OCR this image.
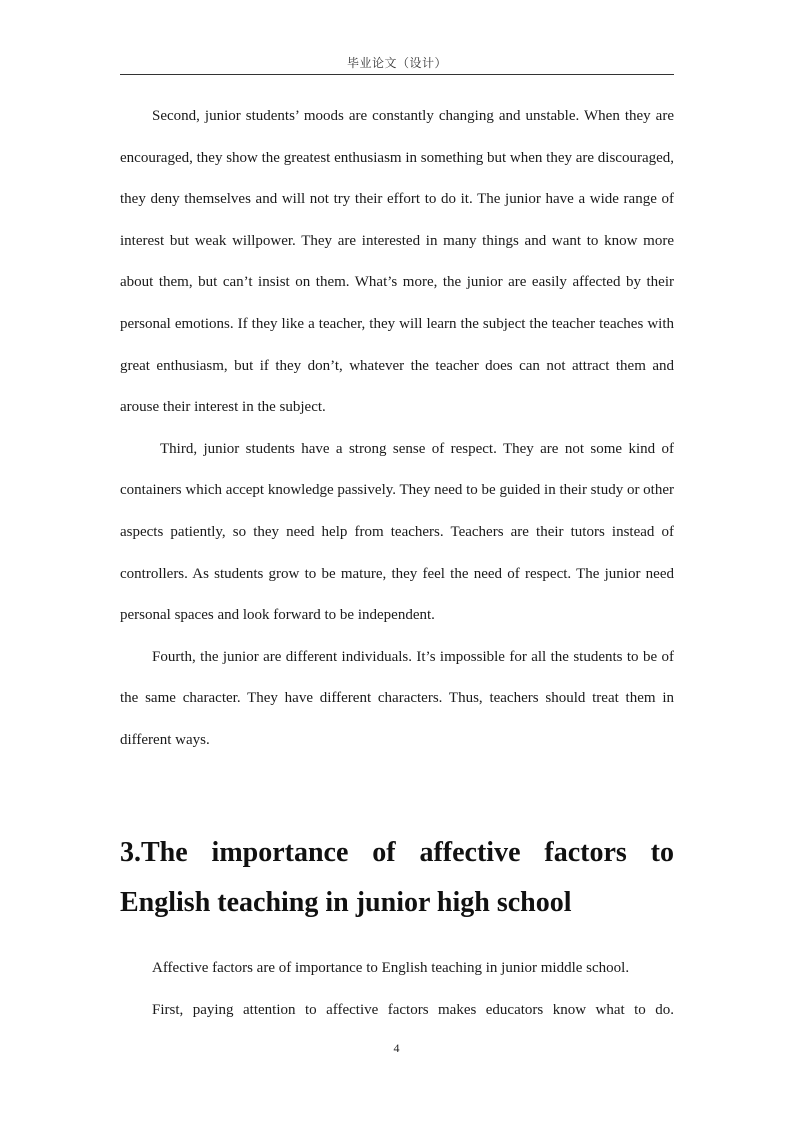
毕业论文（设计）

Second, junior students’ moods are constantly changing and unstable. When they are encouraged, they show the greatest enthusiasm in something but when they are discouraged, they deny themselves and will not try their effort to do it. The junior have a wide range of interest but weak willpower. They are interested in many things and want to know more about them, but can’t insist on them. What’s more, the junior are easily affected by their personal emotions. If they like a teacher, they will learn the subject the teacher teaches with great enthusiasm, but if they don’t, whatever the teacher does can not attract them and arouse their interest in the subject.

Third, junior students have a strong sense of respect. They are not some kind of containers which accept knowledge passively. They need to be guided in their study or other aspects patiently, so they need help from teachers. Teachers are their tutors instead of controllers. As students grow to be mature, they feel the need of respect. The junior need personal spaces and look forward to be independent.

Fourth, the junior are different individuals. It’s impossible for all the students to be of the same character. They have different characters. Thus, teachers should treat them in different ways.

3.The importance of affective factors to English teaching in junior high school

Affective factors are of importance to English teaching in junior middle school.

First, paying attention to affective factors makes educators know what to do.

4
